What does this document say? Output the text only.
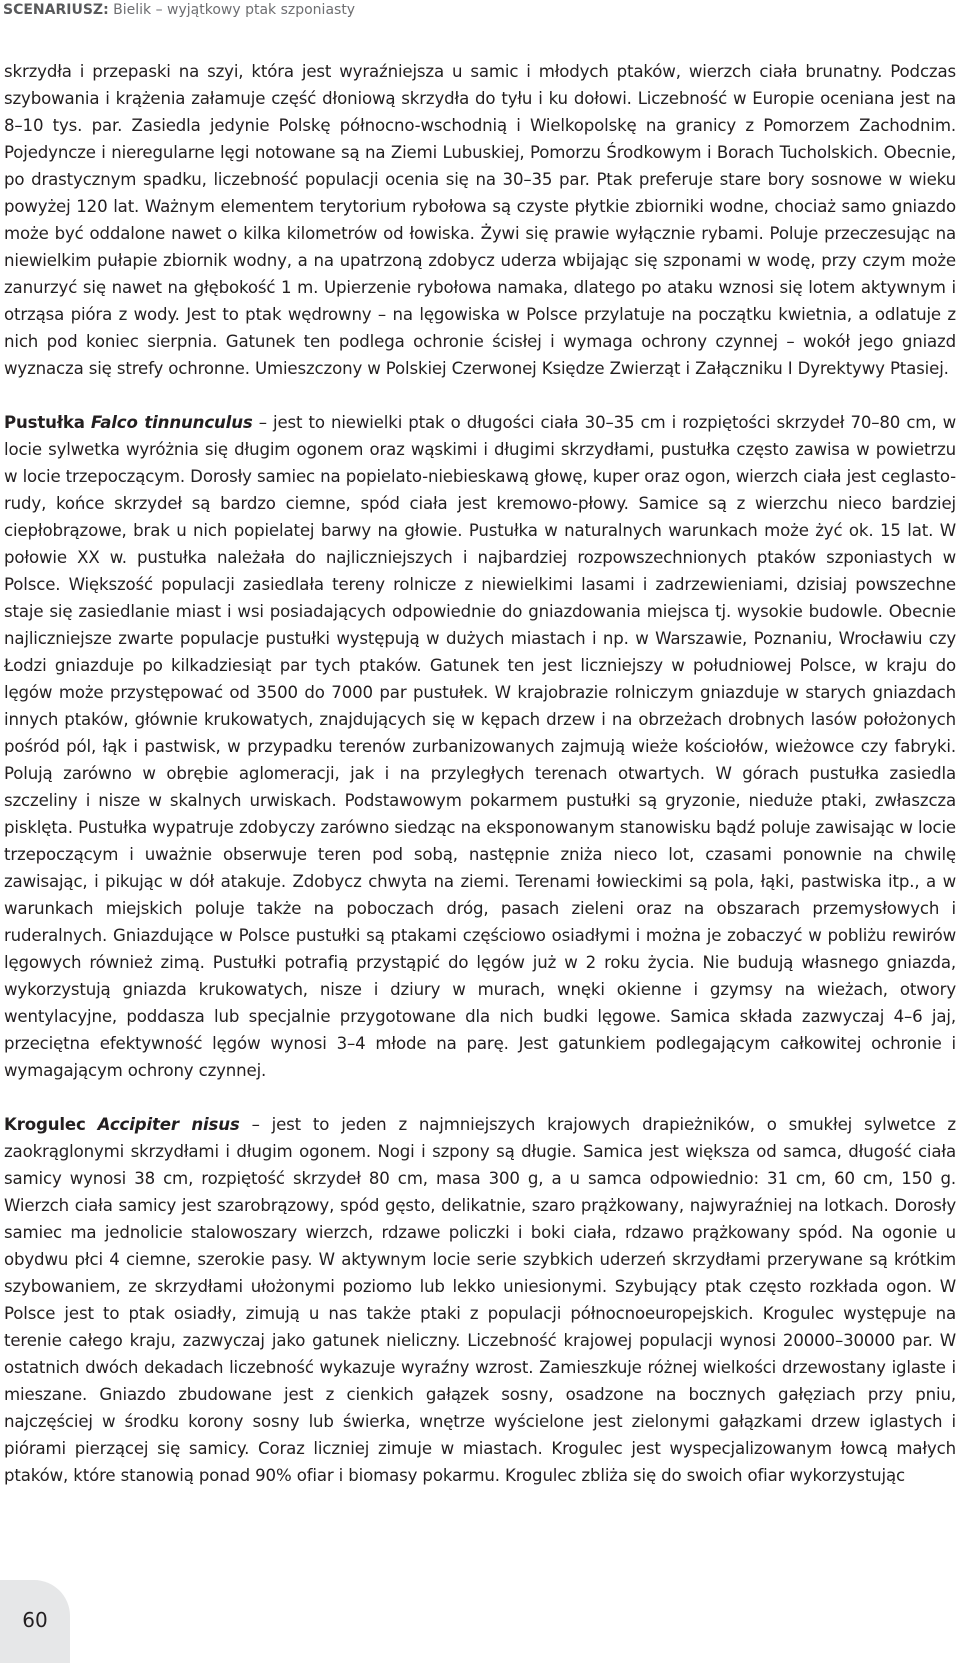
SCENARIUSZ: Bielik – wyjątkowy ptak szponiasty

skrzydła i przepaski na szyi, która jest wyraźniejsza u samic i młodych ptaków, wierzch ciała brunatny. Podczas szybowania i krążenia załamuje część dłoniową skrzydła do tyłu i ku dołowi. Liczebność w Europie oceniana jest na 8–10 tys. par. Zasiedla jedynie Polskę północno-wschodnią i Wielkopolskę na granicy z Pomorzem Zachodnim. Pojedyncze i nieregularne lęgi notowane są na Ziemi Lubuskiej, Pomorzu Środkowym i Borach Tucholskich. Obecnie, po drastycznym spadku, liczebność populacji ocenia się na 30–35 par. Ptak preferuje stare bory sosnowe w wieku powyżej 120 lat. Ważnym elementem terytorium rybołowa są czyste płytkie zbiorniki wodne, chociaż samo gniazdo może być oddalone nawet o kilka kilometrów od łowiska. Żywi się prawie wyłącznie rybami. Poluje przeczesując na niewielkim pułapie zbiornik wodny, a na upatrzoną zdobycz uderza wbijając się szponami w wodę, przy czym może zanurzyć się nawet na głębokość 1 m. Upierzenie rybołowa namaka, dlatego po ataku wznosi się lotem aktywnym i otrząsa pióra z wody. Jest to ptak wędrowny – na lęgowiska w Polsce przylatuje na początku kwietnia, a odlatuje z nich pod koniec sierpnia. Gatunek ten podlega ochronie ścisłej i wymaga ochrony czynnej – wokół jego gniazd wyznacza się strefy ochronne. Umieszczony w Polskiej Czerwonej Księdze Zwierząt i Załączniku I Dyrektywy Ptasiej.

Pustułka Falco tinnunculus – jest to niewielki ptak o długości ciała 30–35 cm i rozpiętości skrzydeł 70–80 cm, w locie sylwetka wyróżnia się długim ogonem oraz wąskimi i długimi skrzydłami, pustułka często zawisa w powietrzu w locie trzepoczącym. Dorosły samiec na popielato-niebieskawą głowę, kuper oraz ogon, wierzch ciała jest ceglasto-rudy, końce skrzydeł są bardzo ciemne, spód ciała jest kremowo-płowy. Samice są z wierzchu nieco bardziej ciepłobrązowe, brak u nich popielatej barwy na głowie. Pustułka w naturalnych warunkach może żyć ok. 15 lat. W połowie XX w. pustułka należała do najliczniejszych i najbardziej rozpowszechnionych ptaków szponiastych w Polsce. Większość populacji zasiedlała tereny rolnicze z niewielkimi lasami i zadrzewieniami, dzisiaj powszechne staje się zasiedlanie miast i wsi posiadających odpowiednie do gniazdowania miejsca tj. wysokie budowle. Obecnie najliczniejsze zwarte populacje pustułki występują w dużych miastach i np. w Warszawie, Poznaniu, Wrocławiu czy Łodzi gniazduje po kilkadziesiąt par tych ptaków. Gatunek ten jest liczniejszy w południowej Polsce, w kraju do lęgów może przystępować od 3500 do 7000 par pustułek. W krajobrazie rolniczym gniazduje w starych gniazdach innych ptaków, głównie krukowatych, znajdujących się w kępach drzew i na obrzeżach drobnych lasów położonych pośród pól, łąk i pastwisk, w przypadku terenów zurbanizowanych zajmują wieże kościołów, wieżowce czy fabryki. Polują zarówno w obrębie aglomeracji, jak i na przyległych terenach otwartych. W górach pustułka zasiedla szczeliny i nisze w skalnych urwiskach. Podstawowym pokarmem pustułki są gryzonie, nieduże ptaki, zwłaszcza pisklęta. Pustułka wypatruje zdobyczy zarówno siedząc na eksponowanym stanowisku bądź poluje zawisając w locie trzepoczącym i uważnie obserwuje teren pod sobą, następnie zniża nieco lot, czasami ponownie na chwilę zawisając, i pikując w dół atakuje. Zdobycz chwyta na ziemi. Terenami łowieckimi są pola, łąki, pastwiska itp., a w warunkach miejskich poluje także na poboczach dróg, pasach zieleni oraz na obszarach przemysłowych i ruderalnych. Gniazdujące w Polsce pustułki są ptakami częściowo osiadłymi i można je zobaczyć w pobliżu rewirów lęgowych również zimą. Pustułki potrafią przystąpić do lęgów już w 2 roku życia. Nie budują własnego gniazda, wykorzystują gniazda krukowatych, nisze i dziury w murach, wnęki okienne i gzymsy na wieżach, otwory wentylacyjne, poddasza lub specjalnie przygotowane dla nich budki lęgowe. Samica składa zazwyczaj 4–6 jaj, przeciętna efektywność lęgów wynosi 3–4 młode na parę. Jest gatunkiem podlegającym całkowitej ochronie i wymagającym ochrony czynnej.

Krogulec Accipiter nisus – jest to jeden z najmniejszych krajowych drapieżników, o smukłej sylwetce z zaokrąglonymi skrzydłami i długim ogonem. Nogi i szpony są długie. Samica jest większa od samca, długość ciała samicy wynosi 38 cm, rozpiętość skrzydeł 80 cm, masa 300 g, a u samca odpowiednio: 31 cm, 60 cm, 150 g. Wierzch ciała samicy jest szarobrązowy, spód gęsto, delikatnie, szaro prążkowany, najwyraźniej na lotkach. Dorosły samiec ma jednolicie stalowoszary wierzch, rdzawe policzki i boki ciała, rdzawo prążkowany spód. Na ogonie u obydwu płci 4 ciemne, szerokie pasy. W aktywnym locie serie szybkich uderzeń skrzydłami przerywane są krótkim szybowaniem, ze skrzydłami ułożonymi poziomo lub lekko uniesionymi. Szybujący ptak często rozkłada ogon. W Polsce jest to ptak osiadły, zimują u nas także ptaki z populacji północnoeuropejskich. Krogulec występuje na terenie całego kraju, zazwyczaj jako gatunek nieliczny. Liczebność krajowej populacji wynosi 20000–30000 par. W ostatnich dwóch dekadach liczebność wykazuje wyraźny wzrost. Zamieszkuje różnej wielkości drzewostany iglaste i mieszane. Gniazdo zbudowane jest z cienkich gałązek sosny, osadzone na bocznych gałęziach przy pniu, najczęściej w środku korony sosny lub świerka, wnętrze wyścielone jest zielonymi gałązkami drzew iglastych i piórami pierzącej się samicy. Coraz liczniej zimuje w miastach. Krogulec jest wyspecjalizowanym łowcą małych ptaków, które stanowią ponad 90% ofiar i biomasy pokarmu. Krogulec zbliża się do swoich ofiar wykorzystując

60
